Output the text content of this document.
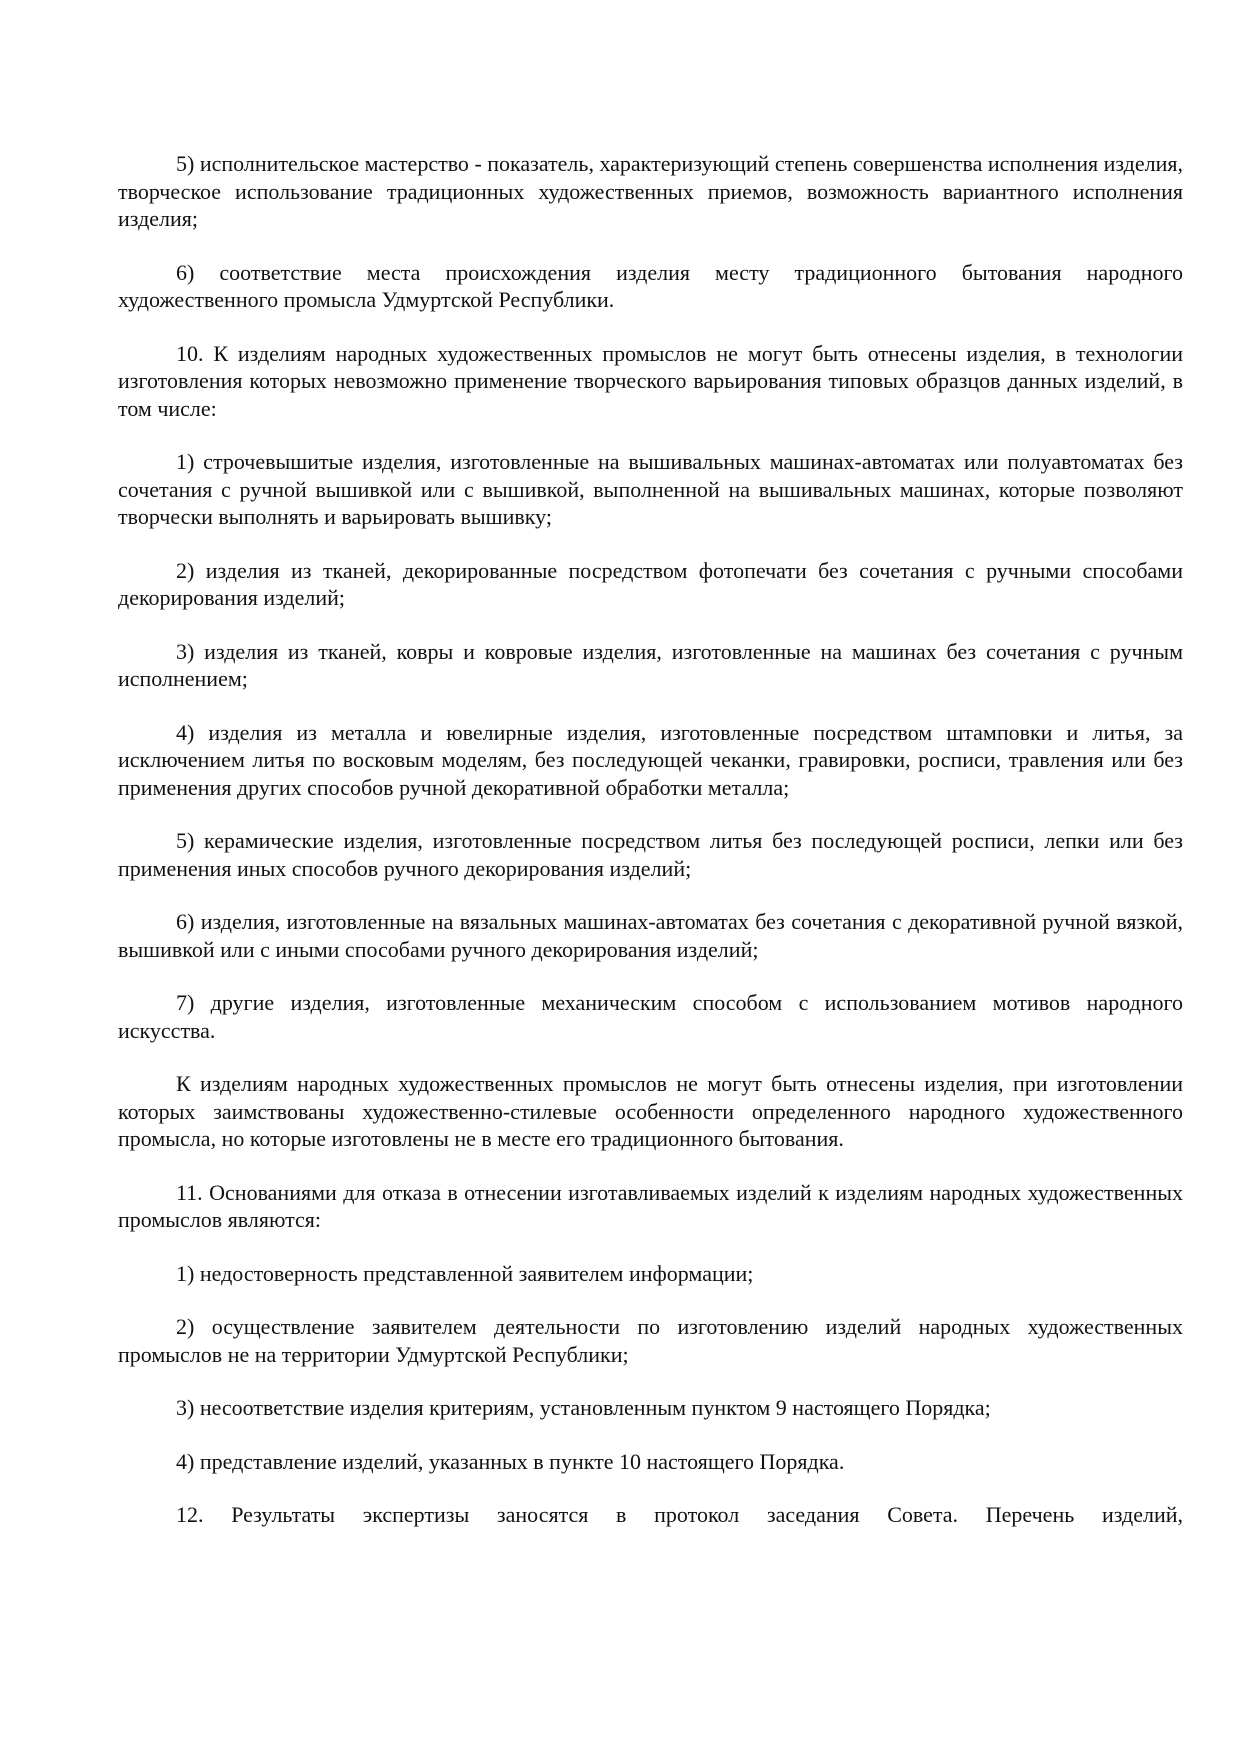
5) исполнительское мастерство - показатель, характеризующий степень совершенства исполнения изделия, творческое использование традиционных художественных приемов, возможность вариантного исполнения изделия;

6) соответствие места происхождения изделия месту традиционного бытования народного художественного промысла Удмуртской Республики.

10. К изделиям народных художественных промыслов не могут быть отнесены изделия, в технологии изготовления которых невозможно применение творческого варьирования типовых образцов данных изделий, в том числе:

1) строчевышитые изделия, изготовленные на вышивальных машинах-автоматах или полуавтоматах без сочетания с ручной вышивкой или с вышивкой, выполненной на вышивальных машинах, которые позволяют творчески выполнять и варьировать вышивку;

2) изделия из тканей, декорированные посредством фотопечати без сочетания с ручными способами декорирования изделий;

3) изделия из тканей, ковры и ковровые изделия, изготовленные на машинах без сочетания с ручным исполнением;

4) изделия из металла и ювелирные изделия, изготовленные посредством штамповки и литья, за исключением литья по восковым моделям, без последующей чеканки, гравировки, росписи, травления или без применения других способов ручной декоративной обработки металла;

5) керамические изделия, изготовленные посредством литья без последующей росписи, лепки или без применения иных способов ручного декорирования изделий;

6) изделия, изготовленные на вязальных машинах-автоматах без сочетания с декоративной ручной вязкой, вышивкой или с иными способами ручного декорирования изделий;

7) другие изделия, изготовленные механическим способом с использованием мотивов народного искусства.

К изделиям народных художественных промыслов не могут быть отнесены изделия, при изготовлении которых заимствованы художественно-стилевые особенности определенного народного художественного промысла, но которые изготовлены не в месте его традиционного бытования.

11. Основаниями для отказа в отнесении изготавливаемых изделий к изделиям народных художественных промыслов являются:

1) недостоверность представленной заявителем информации;

2) осуществление заявителем деятельности по изготовлению изделий народных художественных промыслов не на территории Удмуртской Республики;

3) несоответствие изделия критериям, установленным пунктом 9 настоящего Порядка;

4) представление изделий, указанных в пункте 10 настоящего Порядка.

12. Результаты экспертизы заносятся в протокол заседания Совета. Перечень изделий,
